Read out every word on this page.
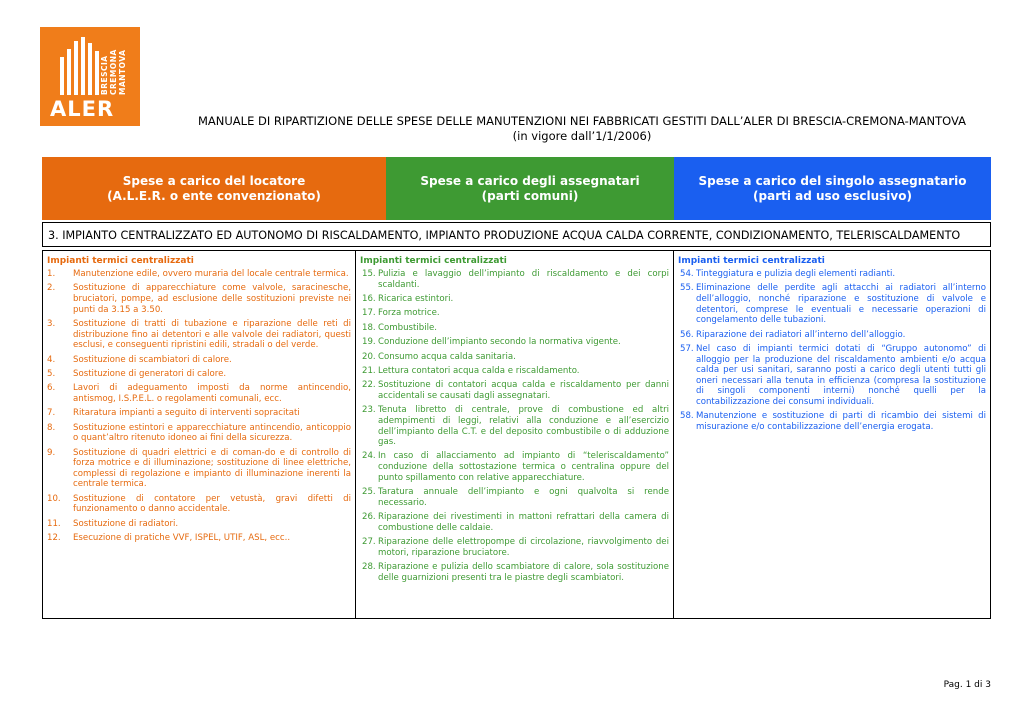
BRESCIA CREMONA MANTOVA
ALER	MANUALE DI RIPARTIZIONE DELLE SPESE DELLE MANUTENZIONI NEI FABBRICATI GESTITI DALL’ALER DI BRESCIA-CREMONA-MANTOVA
(in vigore dall’1/1/2006)
Spese a carico del locatore
(A.L.E.R. o ente convenzionato)
Spese a carico degli assegnatari
(parti comuni)
Spese a carico del singolo assegnatario
(parti ad uso esclusivo)
3. IMPIANTO CENTRALIZZATO ED AUTONOMO DI RISCALDAMENTO, IMPIANTO PRODUZIONE ACQUA CALDA CORRENTE, CONDIZIONAMENTO, TELERISCALDAMENTO
Impianti termici centralizzati
1. Manutenzione edile, ovvero muraria del locale centrale termica.
2. Sostituzione di apparecchiature come valvole, saracinesche, bruciatori, pompe, ad esclusione delle sostituzioni previste nei punti da 3.15 a 3.50.
3. Sostituzione di tratti di tubazione e riparazione delle reti di distribuzione fino ai detentori e alle valvole dei radiatori, questi esclusi, e conseguenti ripristini edili, stradali o del verde.
4. Sostituzione di scambiatori di calore.
5. Sostituzione di generatori di calore.
6. Lavori di adeguamento imposti da norme antincendio, antismog, I.S.P.E.L. o regolamenti comunali, ecc.
7. Ritaratura impianti a seguito di interventi sopracitati
8. Sostituzione estintori e apparecchiature antincendio, anticoppio o quant’altro ritenuto idoneo ai fini della sicurezza.
9. Sostituzione di quadri elettrici e di coman-do e di controllo di forza motrice e di illuminazione; sostituzione di linee elettriche, complessi di regolazione e impianto di illuminazione inerenti la centrale termica.
10. Sostituzione di contatore per vetustà, gravi difetti di funzionamento o danno accidentale.
11. Sostituzione di radiatori.
12. Esecuzione di pratiche VVF, ISPEL, UTIF, ASL, ecc..
Impianti termici centralizzati
15. Pulizia e lavaggio dell’impianto di riscaldamento e dei corpi scaldanti.
16. Ricarica estintori.
17. Forza motrice.
18. Combustibile.
19. Conduzione dell’impianto secondo la normativa vigente.
20. Consumo acqua calda sanitaria.
21. Lettura contatori acqua calda e riscaldamento.
22. Sostituzione di contatori acqua calda e riscaldamento per danni accidentali se causati dagli assegnatari.
23. Tenuta libretto di centrale, prove di combustione ed altri adempimenti di leggi, relativi alla conduzione e all’esercizio dell’impianto della C.T. e del deposito combustibile o di adduzione gas.
24. In caso di allacciamento ad impianto di “teleriscaldamento” conduzione della sottostazione termica o centralina oppure del punto spillamento con relative apparecchiature.
25. Taratura annuale dell’impianto e ogni qualvolta si rende necessario.
26. Riparazione dei rivestimenti in mattoni refrattari della camera di combustione delle caldaie.
27. Riparazione delle elettropompe di circolazione, riavvolgimento dei motori, riparazione bruciatore.
28. Riparazione e pulizia dello scambiatore di calore, sola sostituzione delle guarnizioni presenti tra le piastre degli scambiatori.
Impianti termici centralizzati
54. Tinteggiatura e pulizia degli elementi radianti.
55. Eliminazione delle perdite agli attacchi ai radiatori all’interno dell’alloggio, nonché riparazione e sostituzione di valvole e detentori, comprese le eventuali e necessarie operazioni di congelamento delle tubazioni.
56. Riparazione dei radiatori all’interno dell’alloggio.
57. Nel caso di impianti termici dotati di “Gruppo autonomo” di alloggio per la produzione del riscaldamento ambienti e/o acqua calda per usi sanitari, saranno posti a carico degli utenti tutti gli oneri necessari alla tenuta in efficienza (compresa la sostituzione di singoli componenti interni) nonché quelli per la contabilizzazione dei consumi individuali.
58. Manutenzione e sostituzione di parti di ricambio dei sistemi di misurazione e/o contabilizzazione dell’energia erogata.
Pag. 1 di 3
